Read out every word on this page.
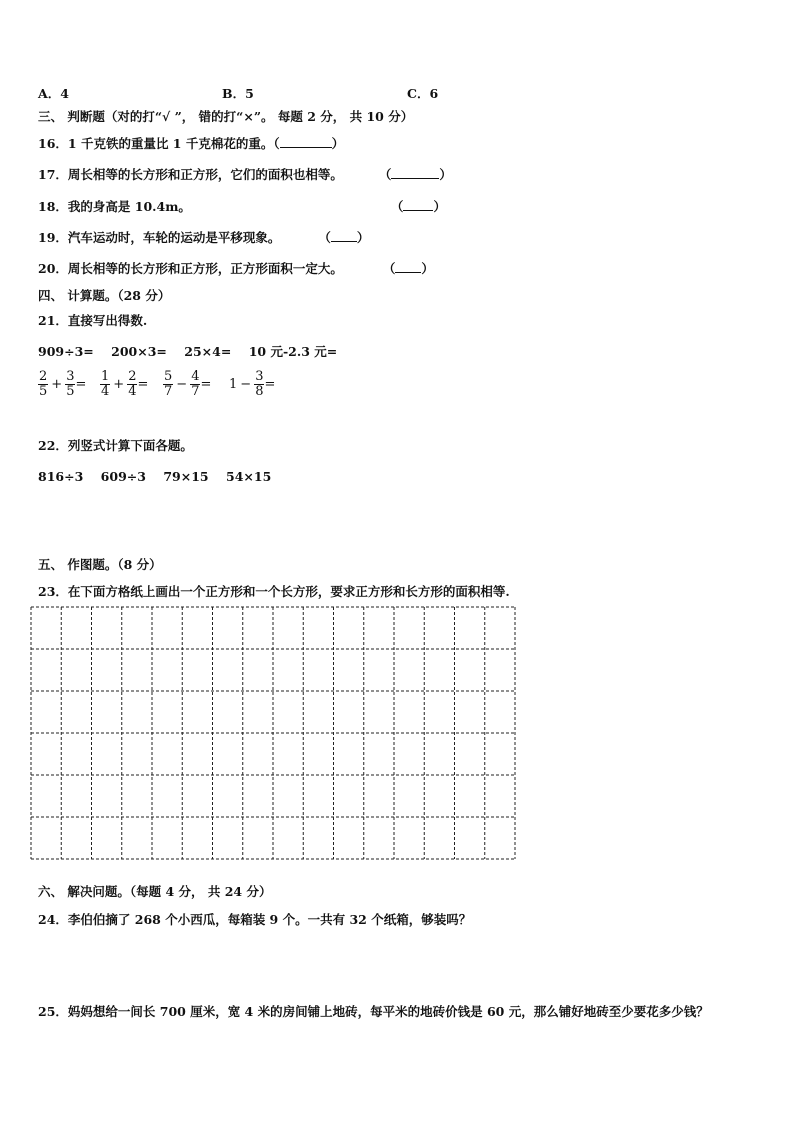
A．4	B．5	C．6
三、 判断题（对的打“√ ”， 错的打“×”。 每题 2 分， 共 10 分）
16．1 千克铁的重量比 1 千克棉花的重。（	）
17．周长相等的长方形和正方形，它们的面积也相等。	（	）
18．我的身高是 10.4m。	（ ）
19．汽车运动时，车轮的运动是平移现象。	（ ）
20．周长相等的长方形和正方形，正方形面积一定大。	（ ）
四、 计算题。（28 分）
21．直接写出得数.
909÷3=    200×3=    25×4=    10 元-2.3 元=
$\frac{2}{5} + \frac{3}{5} = \frac{1}{4} + \frac{2}{4} = \frac{5}{7} - \frac{4}{7} = 1 - \frac{3}{8}$ =
22．列竖式计算下面各题。
816÷3    609÷3    79×15    54×15
五、 作图题。（8 分）
23．在下面方格纸上画出一个正方形和一个长方形，要求正方形和长方形的面积相等.
六、 解决问题。（每题 4 分， 共 24 分）
24．李伯伯摘了 268 个小西瓜，每箱装 9 个。一共有 32 个纸箱，够装吗？
25．妈妈想给一间长 700 厘米，宽 4 米的房间铺上地砖，每平米的地砖价钱是 60 元，那么铺好地砖至少要花多少钱？
